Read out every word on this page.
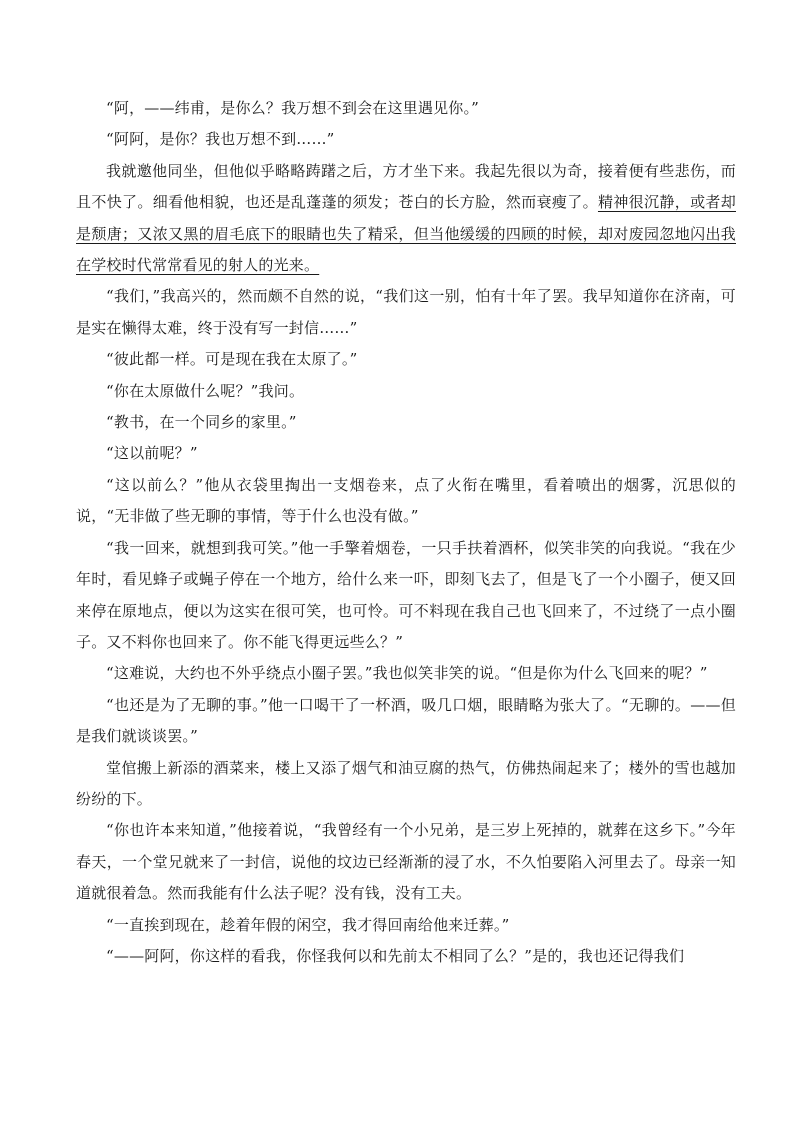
“阿，——纬甫，是你么？我万想不到会在这里遇见你。”

“阿阿，是你？我也万想不到……”

我就邀他同坐，但他似乎略略踌躇之后，方才坐下来。我起先很以为奇，接着便有些悲伤，而且不快了。细看他相貌，也还是乱蓬蓬的须发；苍白的长方脸，然而衰瘦了。精神很沉静，或者却是颓唐；又浓又黑的眉毛底下的眼睛也失了精采，但当他缓缓的四顾的时候，却对废园忽地闪出我在学校时代常常看见的射人的光来。

“我们，”我高兴的，然而颇不自然的说，“我们这一别，怕有十年了罢。我早知道你在济南，可是实在懒得太难，终于没有写一封信……”

“彼此都一样。可是现在我在太原了。”

“你在太原做什么呢？”我问。

“教书，在一个同乡的家里。”

“这以前呢？”

“这以前么？”他从衣袋里掏出一支烟卷来，点了火衔在嘴里，看着喷出的烟雾，沉思似的说，“无非做了些无聊的事情，等于什么也没有做。”

“我一回来，就想到我可笑。”他一手擎着烟卷，一只手扶着酒杯，似笑非笑的向我说。“我在少年时，看见蜂子或蝇子停在一个地方，给什么来一吓，即刻飞去了，但是飞了一个小圈子，便又回来停在原地点，便以为这实在很可笑，也可怜。可不料现在我自己也飞回来了，不过绕了一点小圈子。又不料你也回来了。你不能飞得更远些么？”

“这难说，大约也不外乎绕点小圈子罢。”我也似笑非笑的说。“但是你为什么飞回来的呢？”

“也还是为了无聊的事。”他一口喝干了一杯酒，吸几口烟，眼睛略为张大了。“无聊的。——但是我们就谈谈罢。”

堂倌搬上新添的酒菜来，楼上又添了烟气和油豆腐的热气，仿佛热闹起来了；楼外的雪也越加纷纷的下。

“你也许本来知道，”他接着说，“我曾经有一个小兄弟，是三岁上死掉的，就葬在这乡下。”今年春天，一个堂兄就来了一封信，说他的坟边已经渐渐的浸了水，不久怕要陷入河里去了。母亲一知道就很着急。然而我能有什么法子呢？没有钱，没有工夫。

“一直挨到现在，趁着年假的闲空，我才得回南给他来迁葬。”

“——阿阿，你这样的看我，你怪我何以和先前太不相同了么？”是的，我也还记得我们
